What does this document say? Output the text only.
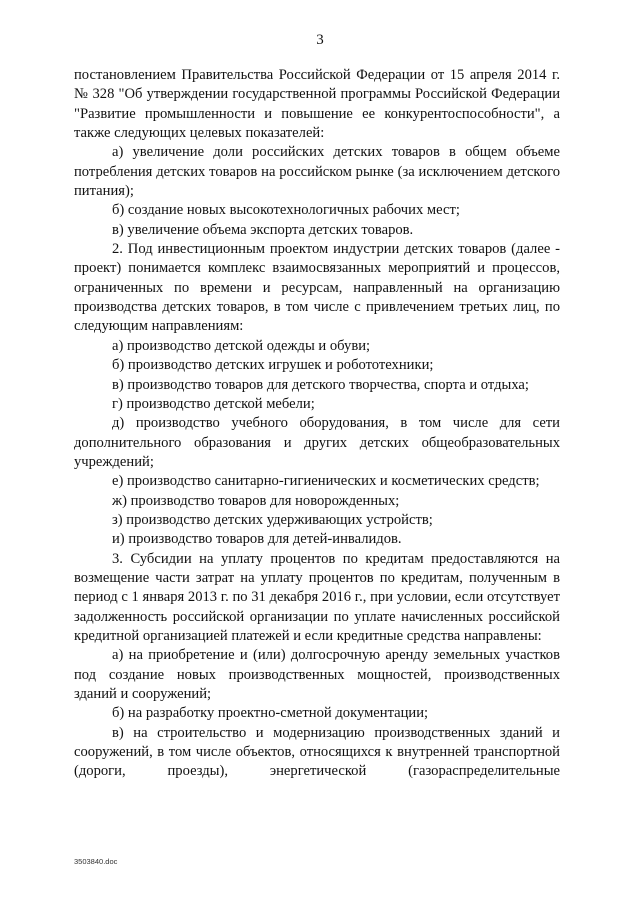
3

постановлением Правительства Российской Федерации от 15 апреля 2014 г. № 328 "Об утверждении государственной программы Российской Федерации "Развитие промышленности и повышение ее конкурентоспособности", а также следующих целевых показателей:

а) увеличение доли российских детских товаров в общем объеме потребления детских товаров на российском рынке (за исключением детского питания);

б) создание новых высокотехнологичных рабочих мест;

в) увеличение объема экспорта детских товаров.

2. Под инвестиционным проектом индустрии детских товаров (далее - проект) понимается комплекс взаимосвязанных мероприятий и процессов, ограниченных по времени и ресурсам, направленный на организацию производства детских товаров, в том числе с привлечением третьих лиц, по следующим направлениям:

а) производство детской одежды и обуви;

б) производство детских игрушек и робототехники;

в) производство товаров для детского творчества, спорта и отдыха;

г) производство детской мебели;

д) производство учебного оборудования, в том числе для сети дополнительного образования и других детских общеобразовательных учреждений;

е) производство санитарно-гигиенических и косметических средств;

ж) производство товаров для новорожденных;

з) производство детских удерживающих устройств;

и) производство товаров для детей-инвалидов.

3. Субсидии на уплату процентов по кредитам предоставляются на возмещение части затрат на уплату процентов по кредитам, полученным в период с 1 января 2013 г. по 31 декабря 2016 г., при условии, если отсутствует задолженность российской организации по уплате начисленных российской кредитной организацией платежей и если кредитные средства направлены:

а) на приобретение и (или) долгосрочную аренду земельных участков под создание новых производственных мощностей, производственных зданий и сооружений;

б) на разработку проектно-сметной документации;

в) на строительство и модернизацию производственных зданий и сооружений, в том числе объектов, относящихся к внутренней транспортной (дороги, проезды), энергетической (газораспределительные

3503840.doc
